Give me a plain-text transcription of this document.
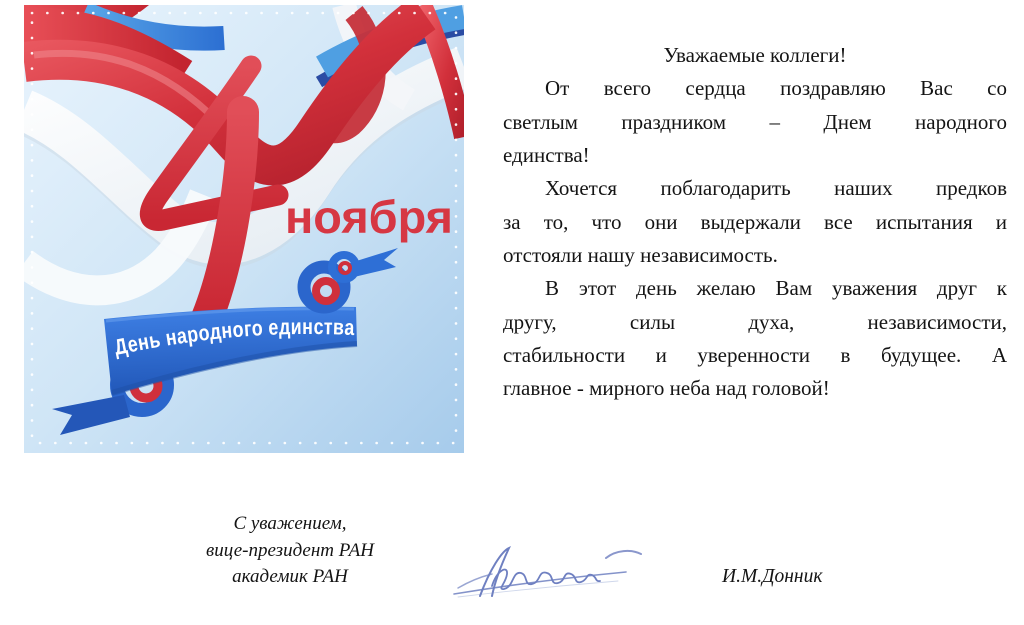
ноября
День народного единства
Уважаемые коллеги!
От всего сердца поздравляю Вас со
светлым праздником – Днем народного
единства!
Хочется поблагодарить наших предков
за то, что они выдержали все испытания и
отстояли нашу независимость.
В этот день желаю Вам уважения друг к
другу, силы духа, независимости,
стабильности и уверенности в будущее. А
главное - мирного неба над головой!
С уважением,
вице-президент РАН
академик РАН	И.М.Донник
